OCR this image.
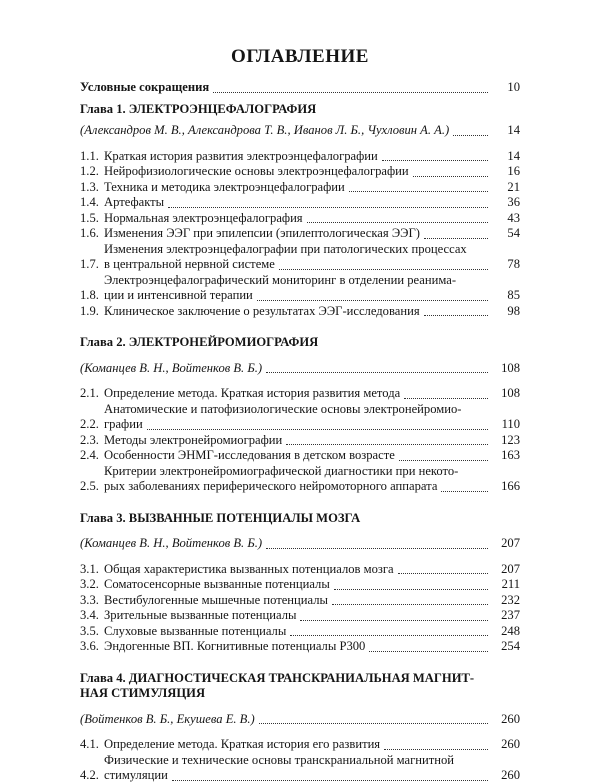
ОГЛАВЛЕНИЕ
Условные сокращения	10
Глава 1. ЭЛЕКТРОЭНЦЕФАЛОГРАФИЯ
(Александров М. В., Александрова Т. В., Иванов Л. Б., Чухловин А. А.)	14
1.1. Краткая история развития электроэнцефалографии	14
1.2. Нейрофизиологические основы электроэнцефалографии	16
1.3. Техника и методика электроэнцефалографии	21
1.4. Артефакты	36
1.5. Нормальная электроэнцефалография	43
1.6. Изменения ЭЭГ при эпилепсии (эпилептологическая ЭЭГ)	54
1.7.
Изменения электроэнцефалографии при патологических процессах
в центральной нервной системе	78
1.8.
Электроэнцефалографический мониторинг в отделении реанима-
ции и интенсивной терапии	85
1.9. Клиническое заключение о результатах ЭЭГ-исследования	98
Глава 2. ЭЛЕКТРОНЕЙРОМИОГРАФИЯ
(Команцев В. Н., Войтенков В. Б.)	108
2.1. Определение метода. Краткая история развития метода	108
2.2.
Анатомические и патофизиологические основы электронейромио-
графии	110
2.3. Методы электронейромиографии	123
2.4. Особенности ЭНМГ-исследования в детском возрасте	163
2.5.
Критерии электронейромиографической диагностики при некото-
рых заболеваниях периферического нейромоторного аппарата	166
Глава 3. ВЫЗВАННЫЕ ПОТЕНЦИАЛЫ МОЗГА
(Команцев В. Н., Войтенков В. Б.)	207
3.1. Общая характеристика вызванных потенциалов мозга	207
3.2. Соматосенсорные вызванные потенциалы	211
3.3. Вестибулогенные мышечные потенциалы	232
3.4. Зрительные вызванные потенциалы	237
3.5. Слуховые вызванные потенциалы	248
3.6. Эндогенные ВП. Когнитивные потенциалы Р300	254
Глава 4. ДИАГНОСТИЧЕСКАЯ ТРАНСКРАНИАЛЬНАЯ МАГНИТ-
НАЯ СТИМУЛЯЦИЯ
(Войтенков В. Б., Екушева Е. В.)	260
4.1. Определение метода. Краткая история его развития	260
4.2.
Физические и технические основы транскраниальной магнитной
стимуляции	260
